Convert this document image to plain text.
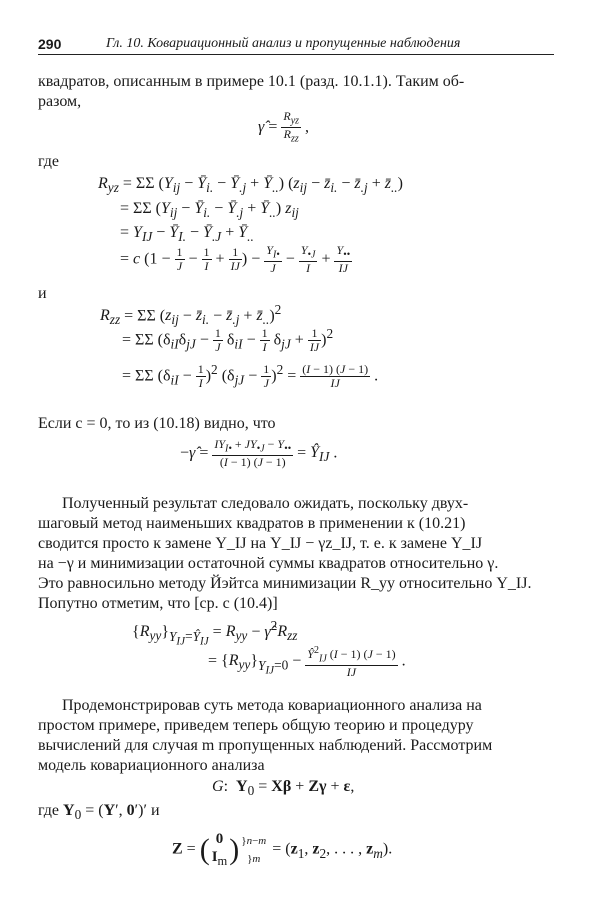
290	Гл. 10. Ковариационный анализ и пропущенные наблюдения

квадратов, описанным в примере 10.1 (разд. 10.1.1). Таким об-

разом,

γ̂ = $\frac{R_{yz}}{R_{zz}}$ ,

где

$R_{yz} = \Sigma\Sigma$ ($Y_{ij}$ − $Ȳ_{i.}$ − $Ȳ_{.j}$ + $Ȳ_{..}$) ($z_{ij}$ − $z̄_{i.}$ − $z̄_{.j}$ + $z̄_{..}$)
= ΣΣ ($Y_{ij}$ − $Ȳ_{i.}$ − $Ȳ_{.j}$ + $Ȳ_{..}$) $z_{ij}$
= $Y_{IJ}$ − $Ȳ_{I.}$ − $Ȳ_{.J}$ + $Ȳ_{..}$
= c ($1 - \frac{1}{J} - \frac{1}{I} + \frac{1}{IJ}$ ) − $\frac{Y_{I•}}{J} - \frac{Y_{•J}}{I} + \frac{Y_{••}}{IJ}$

и

$R_{zz} = \Sigma\Sigma$ ($z_{ij}$ − $z̄_{i.}$ − $z̄_{.j}$ + $z̄_{..})^2$
= ΣΣ $(\delta_{iI}\delta_{jJ} - \frac{1}{J} \delta_{iI} - \frac{1}{I} \delta_{jJ} + \frac{1}{IJ} )^2$
= ΣΣ $(\delta_{iI} - \frac{1}{I} )^2$ $(\delta_{jJ} - \frac{1}{J} )^2 = \frac{(I - 1) (J - 1)}{IJ}$ .

Если c = 0, то из (10.18) видно, что

−γ̂ = $\frac{IY_{I•} + JY_{•J} - Y_{••}}{(I - 1) (J - 1)}$ = $Ŷ_{IJ}$ .

Полученный результат следовало ожидать, поскольку двух-

шаговый метод наименьших квадратов в применении к (10.21)

сводится просто к замене Y_IJ на Y_IJ − γz_IJ, т. е. к замене Y_IJ

на −γ и минимизации остаточной суммы квадратов относительно γ.

Это равносильно методу Йэйтса минимизации R_yy относительно Y_IJ.

Попутно отметим, что [ср. с (10.4)]

$\{R_{yy}\}_{Y_{IJ}=Ŷ_{IJ}} = R_{yy}$ − $\gammâ^2R_{zz}$
= $\{R_{yy}\}_{Y_{IJ}=0} - \frac{Ŷ^2_{IJ} (I - 1) (J - 1)}{IJ}$ .

Продемонстрировав суть метода ковариационного анализа на

простом примере, приведем теперь общую теорию и процедуру

вычислений для случая m пропущенных наблюдений. Рассмотрим

модель ковариационного анализа

G:  $Y_0 = X\beta + Z\gamma + \varepsilon$,
где $Y_0 = (Y'$, 0′)′ и
Z = ( 0
$I_m$ ) }n−m
}m
= ($z_1$, $z_2$, . . . , $z_m$).
